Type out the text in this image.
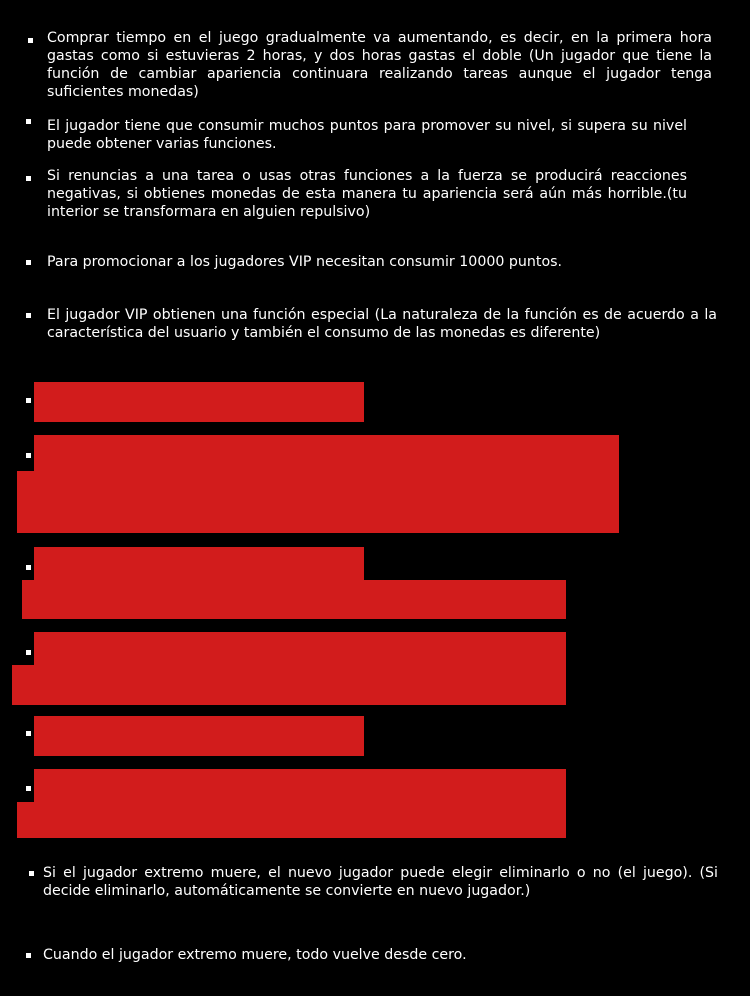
Comprar tiempo en el juego gradualmente va aumentando, es decir, en la primera hora gastas como si estuvieras 2 horas, y dos horas gastas el doble (Un jugador que tiene la función de cambiar apariencia continuara realizando tareas aunque el jugador tenga suficientes monedas)
El jugador tiene que consumir muchos puntos para promover su nivel, si supera su nivel puede obtener varias funciones.
Si renuncias a una tarea o usas otras funciones a la fuerza se producirá reacciones negativas, si obtienes monedas de esta manera tu apariencia será aún más horrible.(tu interior se transformara en alguien repulsivo)
Para promocionar a los jugadores VIP necesitan consumir 10000 puntos.
El jugador VIP obtienen una función especial (La naturaleza de la función es de acuerdo a la característica del usuario y también el consumo de las monedas es diferente)
Si el jugador extremo muere, el nuevo jugador puede elegir eliminarlo o no (el juego). (Si decide eliminarlo, automáticamente se convierte en nuevo jugador.)
Cuando el jugador extremo muere, todo vuelve desde cero.
